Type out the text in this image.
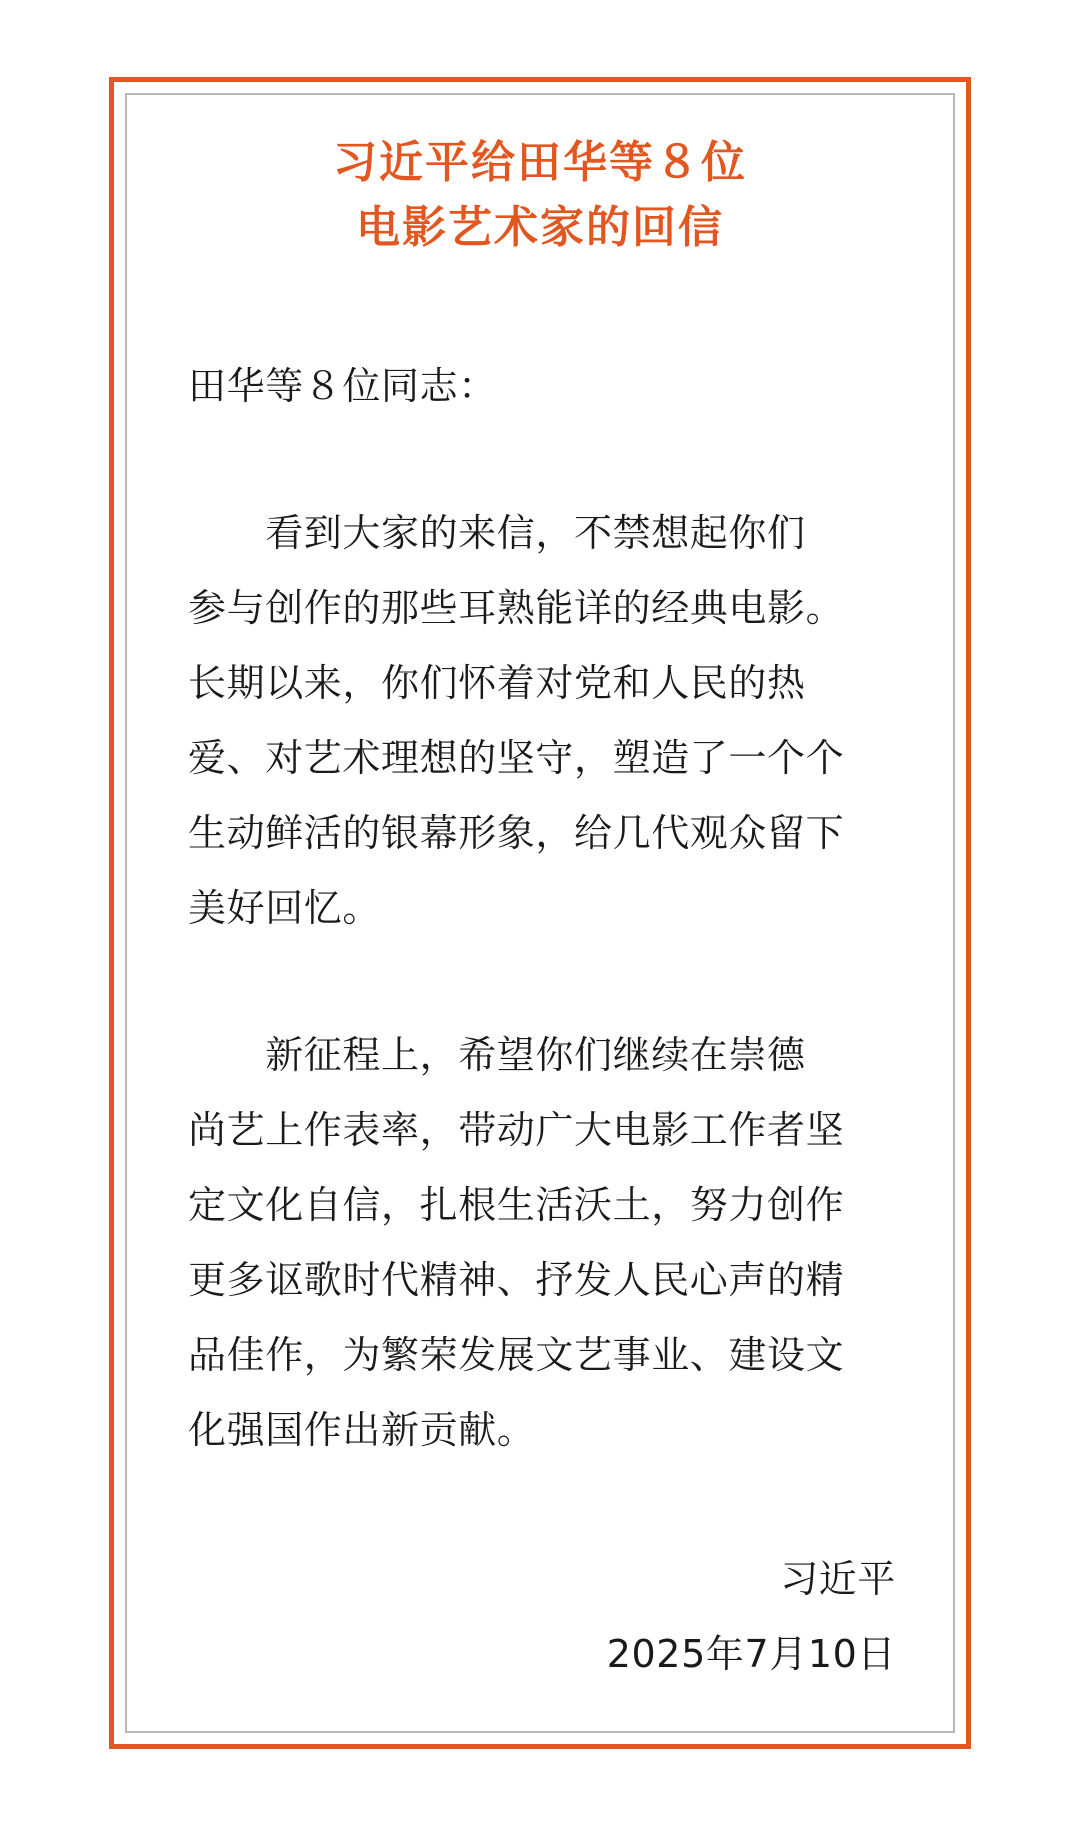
习近平给田华等８位
电影艺术家的回信
田华等８位同志：
　　看到大家的来信，不禁想起你们
参与创作的那些耳熟能详的经典电影。
长期以来，你们怀着对党和人民的热
爱、对艺术理想的坚守，塑造了一个个
生动鲜活的银幕形象，给几代观众留下
美好回忆。
　　新征程上，希望你们继续在崇德
尚艺上作表率，带动广大电影工作者坚
定文化自信，扎根生活沃土，努力创作
更多讴歌时代精神、抒发人民心声的精
品佳作，为繁荣发展文艺事业、建设文
化强国作出新贡献。
习近平
2025年7月10日
